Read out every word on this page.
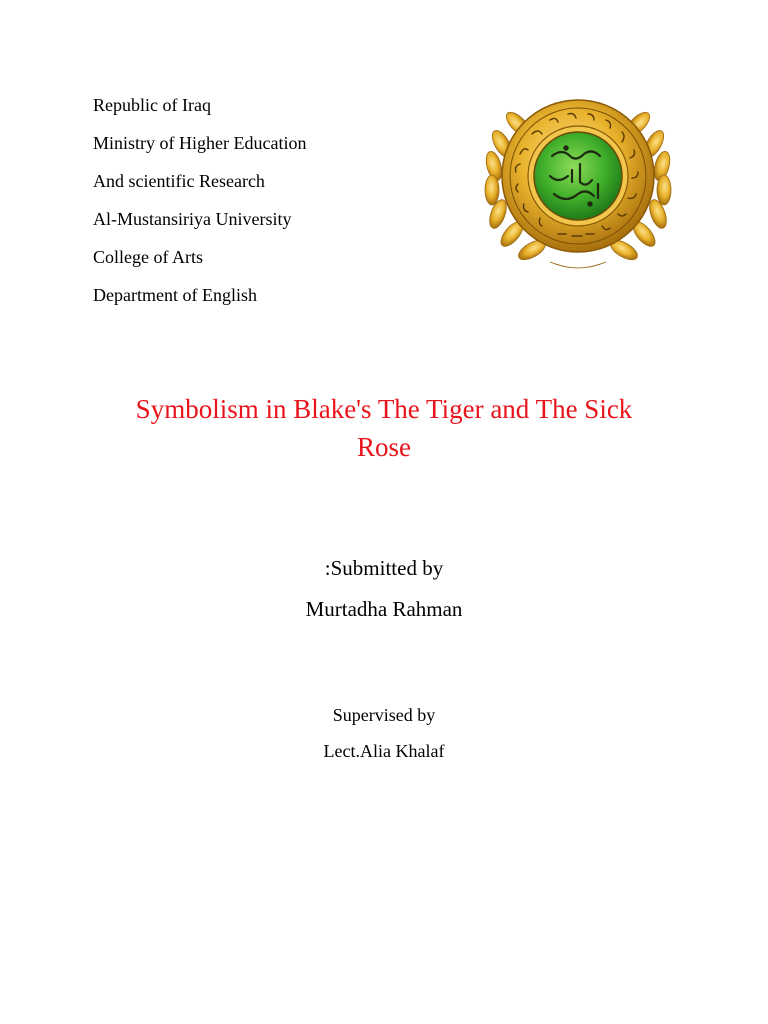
Republic of Iraq
Ministry of Higher Education
And scientific Research
Al-Mustansiriya University
College of Arts
Department of English
Symbolism in Blake's The Tiger and The Sick
Rose
:Submitted by
Murtadha Rahman
Supervised by
Lect.Alia Khalaf
